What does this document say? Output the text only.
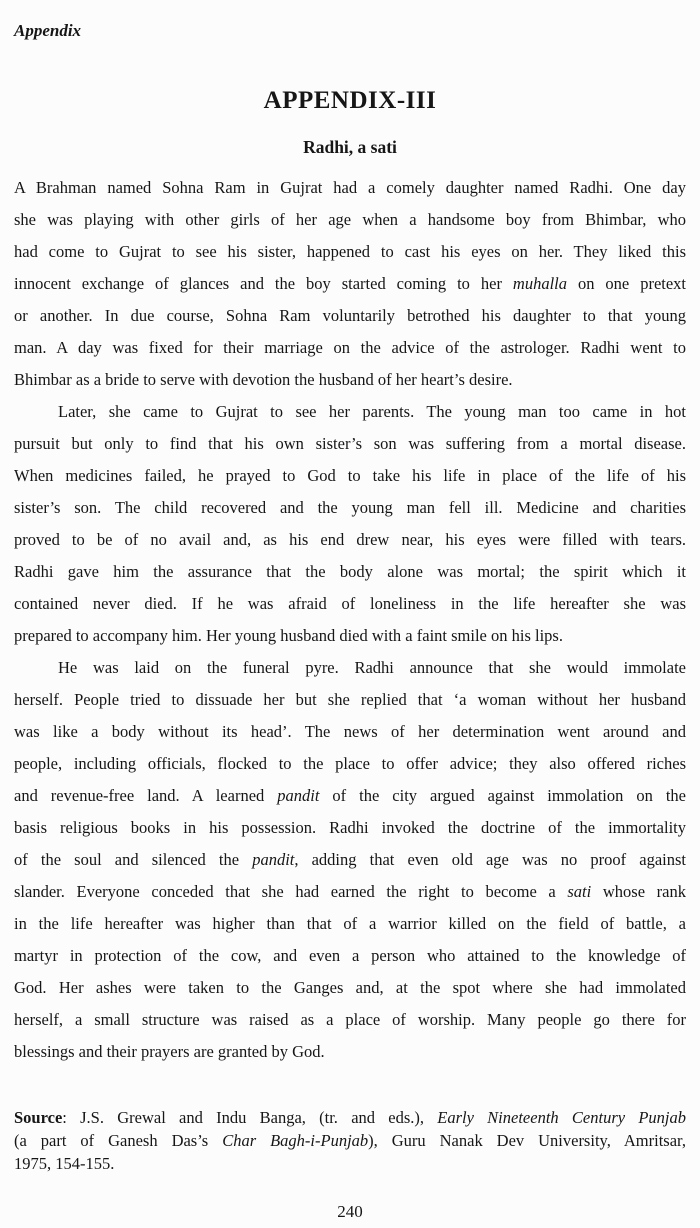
Appendix
APPENDIX-III
Radhi, a sati
A Brahman named Sohna Ram in Gujrat had a comely daughter named Radhi. One day
she was playing with other girls of her age when a handsome boy from Bhimbar, who
had come to Gujrat to see his sister, happened to cast his eyes on her. They liked this
innocent exchange of glances and the boy started coming to her muhalla on one pretext
or another. In due course, Sohna Ram voluntarily betrothed his daughter to that young
man. A day was fixed for their marriage on the advice of the astrologer. Radhi went to
Bhimbar as a bride to serve with devotion the husband of her heart’s desire.
Later, she came to Gujrat to see her parents. The young man too came in hot
pursuit but only to find that his own sister’s son was suffering from a mortal disease.
When medicines failed, he prayed to God to take his life in place of the life of his
sister’s son. The child recovered and the young man fell ill. Medicine and charities
proved to be of no avail and, as his end drew near, his eyes were filled with tears.
Radhi gave him the assurance that the body alone was mortal; the spirit which it
contained never died. If he was afraid of loneliness in the life hereafter she was
prepared to accompany him. Her young husband died with a faint smile on his lips.
He was laid on the funeral pyre. Radhi announce that she would immolate
herself. People tried to dissuade her but she replied that ‘a woman without her husband
was like a body without its head’. The news of her determination went around and
people, including officials, flocked to the place to offer advice; they also offered riches
and revenue-free land. A learned pandit of the city argued against immolation on the
basis religious books in his possession. Radhi invoked the doctrine of the immortality
of the soul and silenced the pandit, adding that even old age was no proof against
slander. Everyone conceded that she had earned the right to become a sati whose rank
in the life hereafter was higher than that of a warrior killed on the field of battle, a
martyr in protection of the cow, and even a person who attained to the knowledge of
God. Her ashes were taken to the Ganges and, at the spot where she had immolated
herself, a small structure was raised as a place of worship. Many people go there for
blessings and their prayers are granted by God.
Source: J.S. Grewal and Indu Banga, (tr. and eds.), Early Nineteenth Century Punjab
(a part of Ganesh Das’s Char Bagh-i-Punjab), Guru Nanak Dev University, Amritsar,
1975, 154-155.
240
